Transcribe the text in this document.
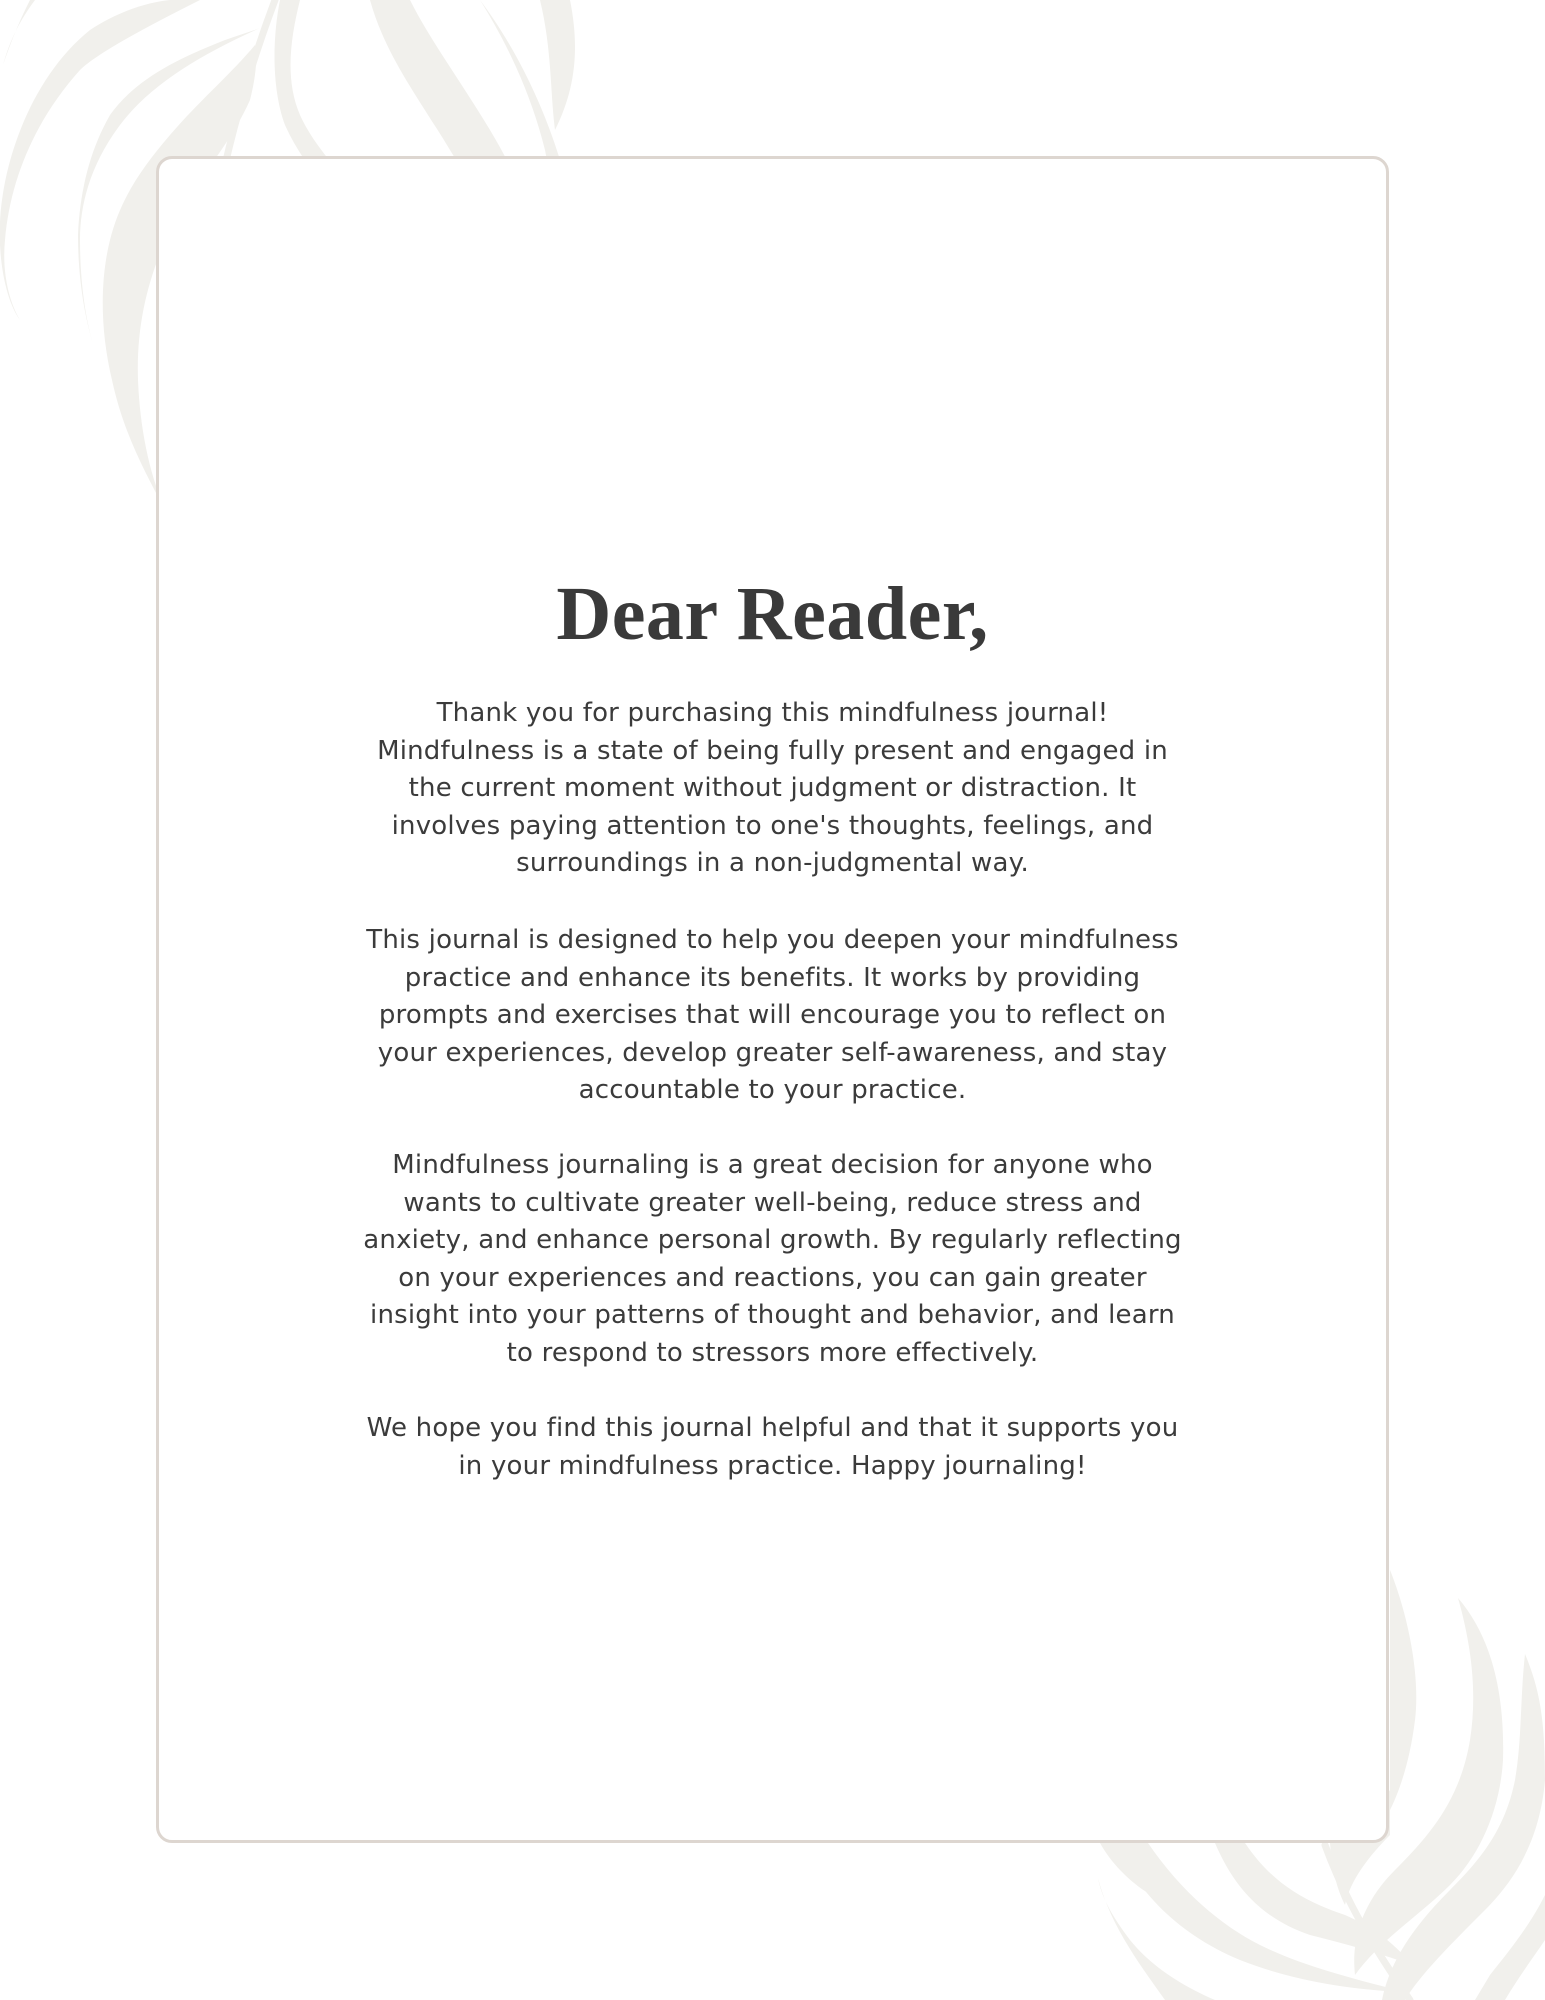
Dear Reader,
Thank you for purchasing this mindfulness journal!
Mindfulness is a state of being fully present and engaged in
the current moment without judgment or distraction. It
involves paying attention to one's thoughts, feelings, and
surroundings in a non-judgmental way.
This journal is designed to help you deepen your mindfulness
practice and enhance its benefits. It works by providing
prompts and exercises that will encourage you to reflect on
your experiences, develop greater self-awareness, and stay
accountable to your practice.
Mindfulness journaling is a great decision for anyone who
wants to cultivate greater well-being, reduce stress and
anxiety, and enhance personal growth. By regularly reflecting
on your experiences and reactions, you can gain greater
insight into your patterns of thought and behavior, and learn
to respond to stressors more effectively.
We hope you find this journal helpful and that it supports you
in your mindfulness practice. Happy journaling!
